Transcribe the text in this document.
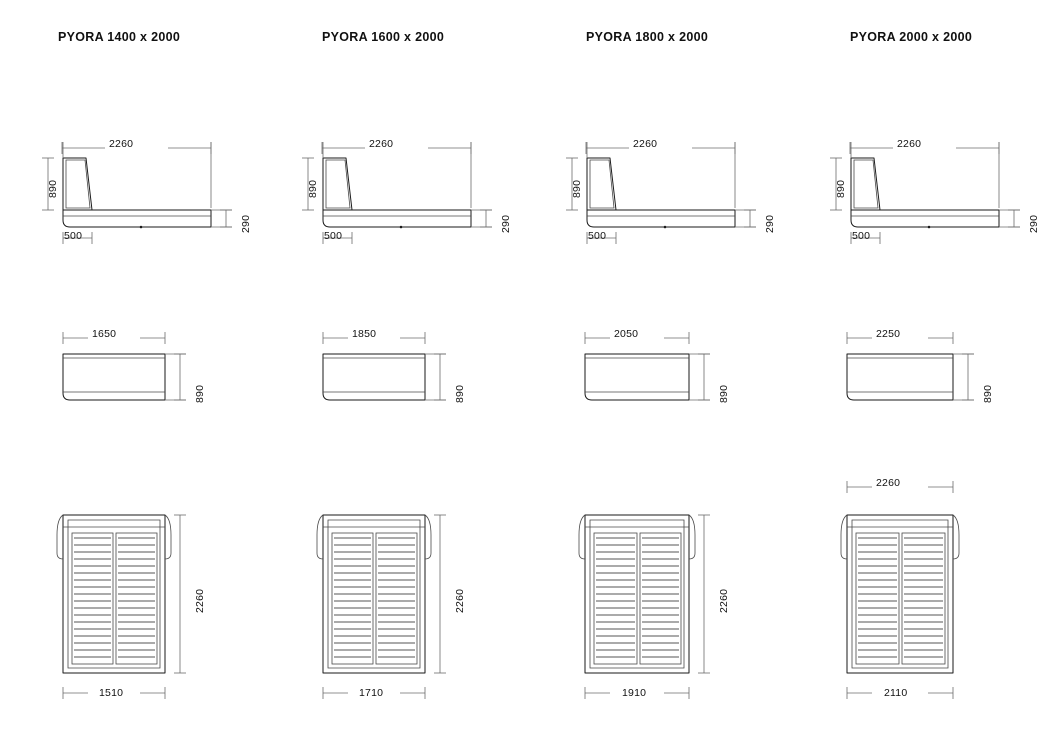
PYORA 1400 x 2000
2260
890
290
500
1650
890
2260
1510
PYORA 1600 x 2000
2260
890
290
500
1850
890
2260
1710
PYORA 1800 x 2000
2260
890
290
500
2050
890
2260
1910
PYORA 2000 x 2000
2260
890
290
500
2250
890
2260
2110
